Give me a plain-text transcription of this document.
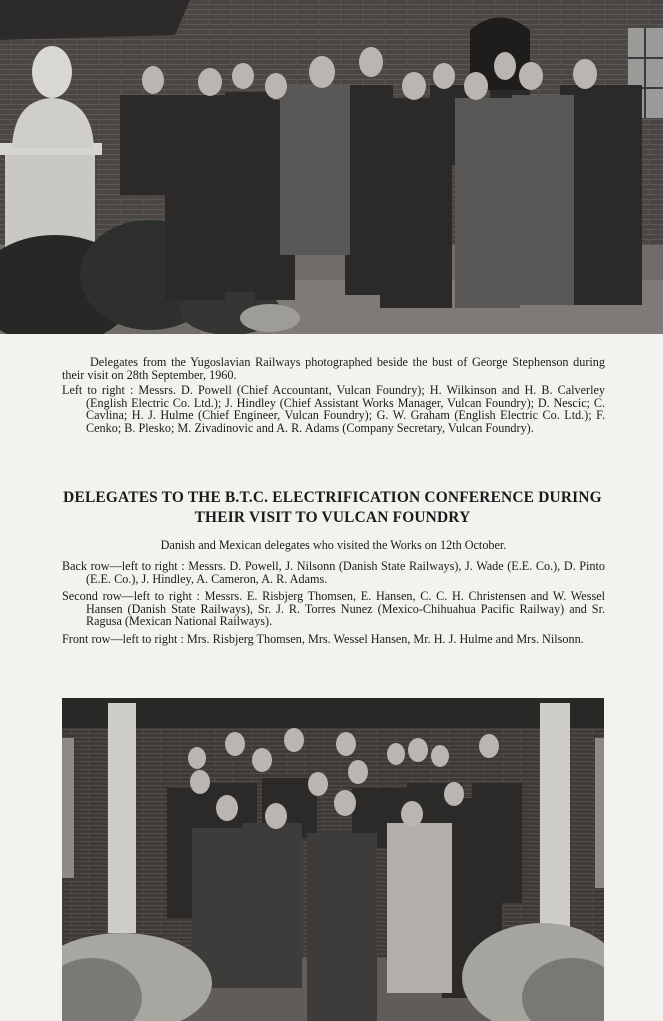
Delegates from the Yugoslavian Railways photographed beside the bust of George Stephenson during their visit on 28th September, 1960.

Left to right : Messrs. D. Powell (Chief Accountant, Vulcan Foundry); H. Wilkinson and H. B. Calverley (English Electric Co. Ltd.); J. Hindley (Chief Assistant Works Manager, Vulcan Foundry); D. Nescic; C. Cavlina; H. J. Hulme (Chief Engineer, Vulcan Foundry); G. W. Graham (English Electric Co. Ltd.); F. Cenko; B. Plesko; M. Zivadinovic and A. R. Adams (Company Secretary, Vulcan Foundry).

DELEGATES TO THE B.T.C. ELECTRIFICATION CONFERENCE DURING THEIR VISIT TO VULCAN FOUNDRY
Danish and Mexican delegates who visited the Works on 12th October.

Back row—left to right : Messrs. D. Powell, J. Nilsonn (Danish State Railways), J. Wade (E.E. Co.), D. Pinto (E.E. Co.), J. Hindley, A. Cameron, A. R. Adams.

Second row—left to right : Messrs. E. Risbjerg Thomsen, E. Hansen, C. C. H. Christensen and W. Wessel Hansen (Danish State Railways), Sr. J. R. Torres Nunez (Mexico-Chihuahua Pacific Railway) and Sr. Ragusa (Mexican National Railways).

Front row—left to right : Mrs. Risbjerg Thomsen, Mrs. Wessel Hansen, Mr. H. J. Hulme and Mrs. Nilsonn.
